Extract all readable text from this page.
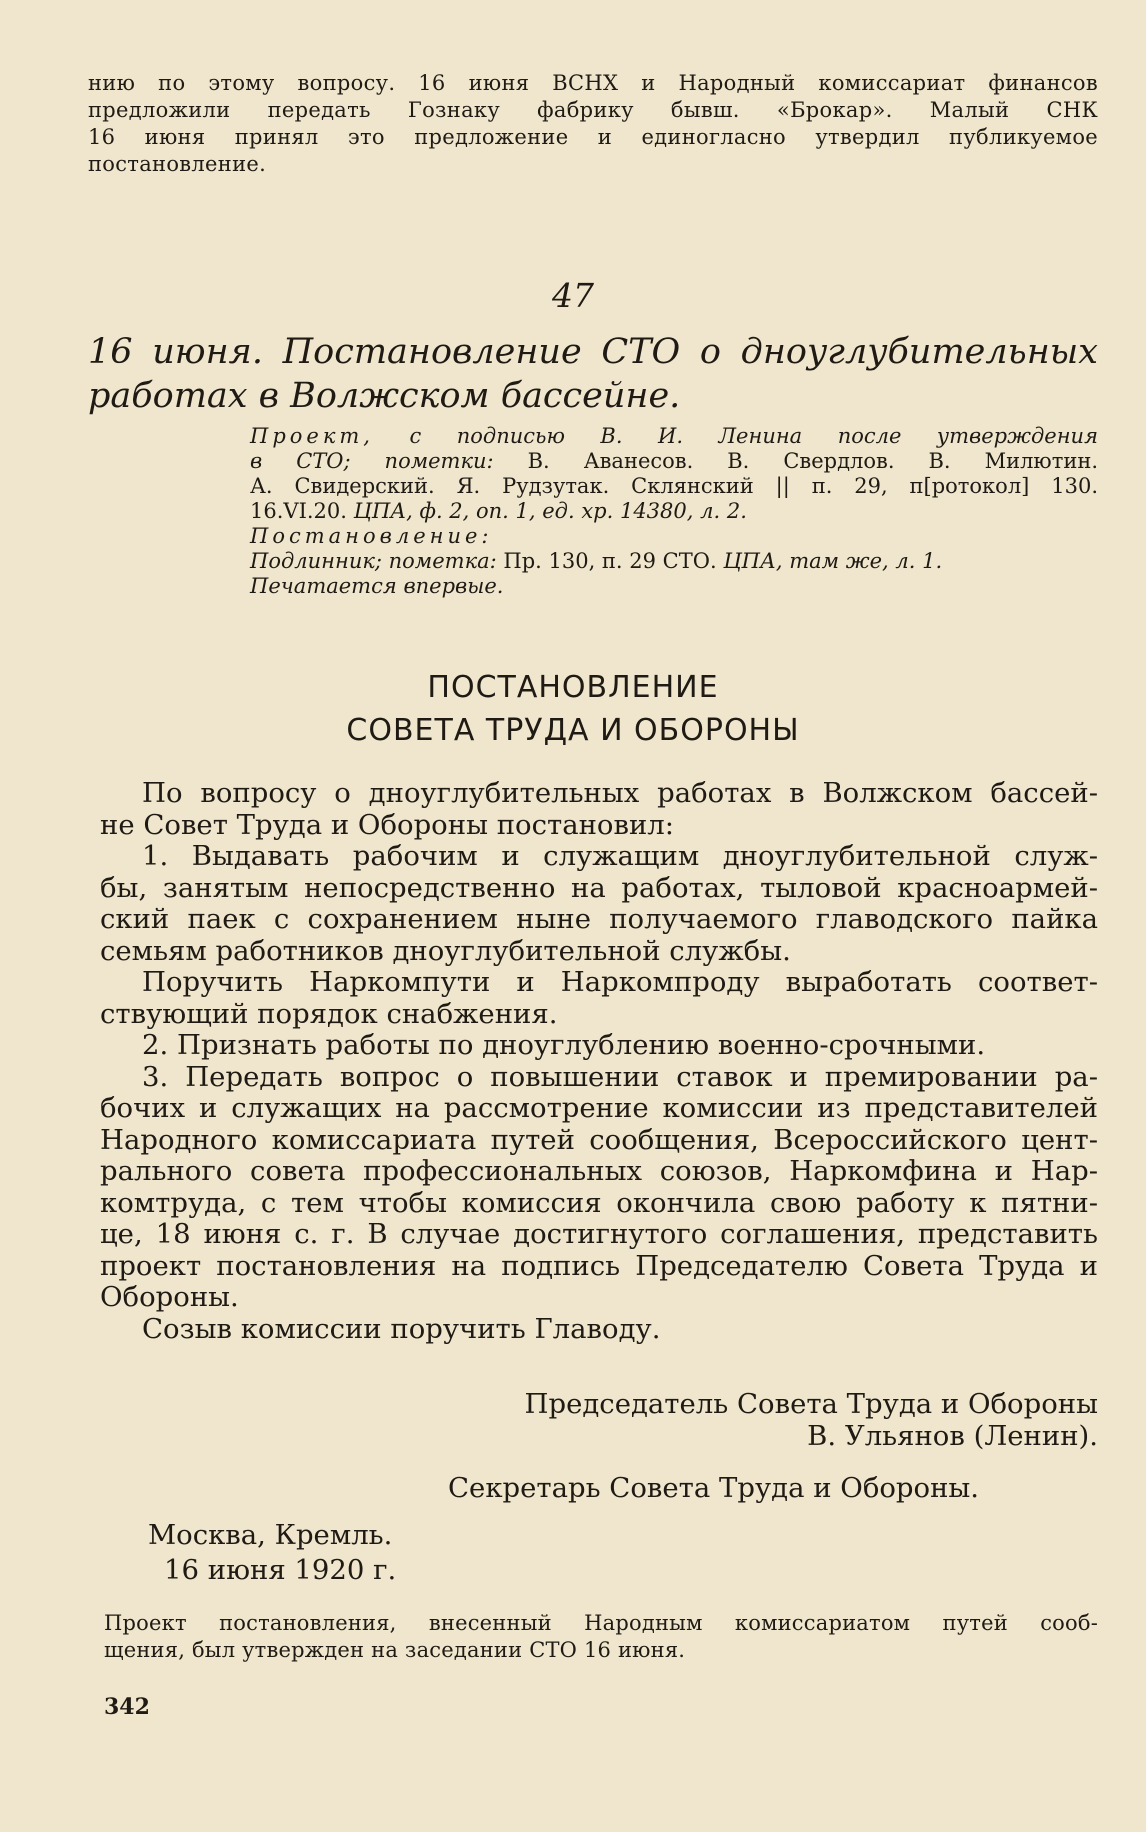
нию по этому вопросу. 16 июня ВСНХ и Народный комиссариат финансов
предложили передать Гознаку фабрику бывш. «Брокар». Малый СНК
16 июня принял это предложение и единогласно утвердил публикуемое
постановление.
47
16 июня. Постановление СТО о дноуглубительных
работах в Волжском бассейне.
Проект, с подписью В. И. Ленина после утверждения
в СТО; пометки: В. Аванесов. В. Свердлов. В. Милютин.
А. Свидерский. Я. Рудзутак. Склянский || п. 29, п[ротокол] 130.
16.VI.20. ЦПА, ф. 2, оп. 1, ед. хр. 14380, л. 2.
Постановление:
Подлинник; пометка: Пр. 130, п. 29 СТО. ЦПА, там же, л. 1.
Печатается впервые.
ПОСТАНОВЛЕНИЕ
СОВЕТА ТРУДА И ОБОРОНЫ
По вопросу о дноуглубительных работах в Волжском бассей-
не Совет Труда и Обороны постановил:
1. Выдавать рабочим и служащим дноуглубительной служ-
бы, занятым непосредственно на работах, тыловой красноармей-
ский паек с сохранением ныне получаемого главодского пайка
семьям работников дноуглубительной службы.
Поручить Наркомпути и Наркомпроду выработать соответ-
ствующий порядок снабжения.
2. Признать работы по дноуглублению военно-срочными.
3. Передать вопрос о повышении ставок и премировании ра-
бочих и служащих на рассмотрение комиссии из представителей
Народного комиссариата путей сообщения, Всероссийского цент-
рального совета профессиональных союзов, Наркомфина и Нар-
комтруда, с тем чтобы комиссия окончила свою работу к пятни-
це, 18 июня с. г. В случае достигнутого соглашения, представить
проект постановления на подпись Председателю Совета Труда и
Обороны.
Созыв комиссии поручить Главоду.
Председатель Совета Труда и Обороны
В. Ульянов (Ленин).
Секретарь Совета Труда и Обороны.
Москва, Кремль.
16 июня 1920 г.
Проект постановления, внесенный Народным комиссариатом путей сооб-
щения, был утвержден на заседании СТО 16 июня.
342
